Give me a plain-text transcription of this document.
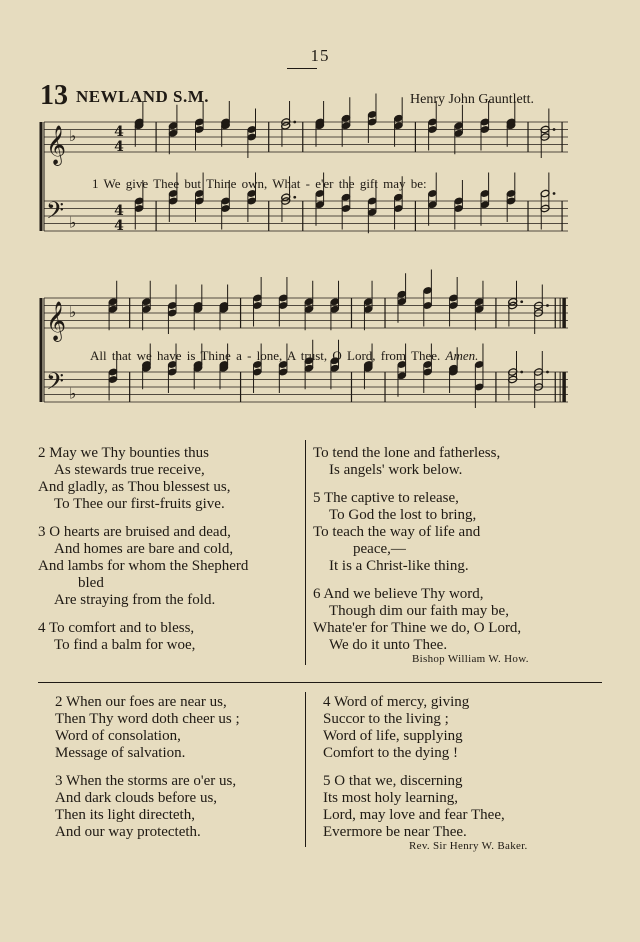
15
13 NEWLAND S.M.	Henry John Gauntlett.
𝄞 ♭
𝄢 ♭
4
4
4
4
𝄞 ♭
𝄢 ♭
1 We give Thee but Thine own, What - e'er the gift may be:
All that we have is Thine a - lone, A trust, O Lord, from Thee. Amen.
2 May we Thy bounties thus
As stewards true receive,
And gladly, as Thou blessest us,
To Thee our first-fruits give.
3 O hearts are bruised and dead,
And homes are bare and cold,
And lambs for whom the Shepherd
bled
Are straying from the fold.
4 To comfort and to bless,
To find a balm for woe,
To tend the lone and fatherless,
Is angels' work below.
5 The captive to release,
To God the lost to bring,
To teach the way of life and
peace,—
It is a Christ-like thing.
6 And we believe Thy word,
Though dim our faith may be,
Whate'er for Thine we do, O Lord,
We do it unto Thee.
Bishop William W. How.
2 When our foes are near us,
Then Thy word doth cheer us ;
Word of consolation,
Message of salvation.
3 When the storms are o'er us,
And dark clouds before us,
Then its light directeth,
And our way protecteth.
4 Word of mercy, giving
Succor to the living ;
Word of life, supplying
Comfort to the dying !
5 O that we, discerning
Its most holy learning,
Lord, may love and fear Thee,
Evermore be near Thee.
Rev. Sir Henry W. Baker.
